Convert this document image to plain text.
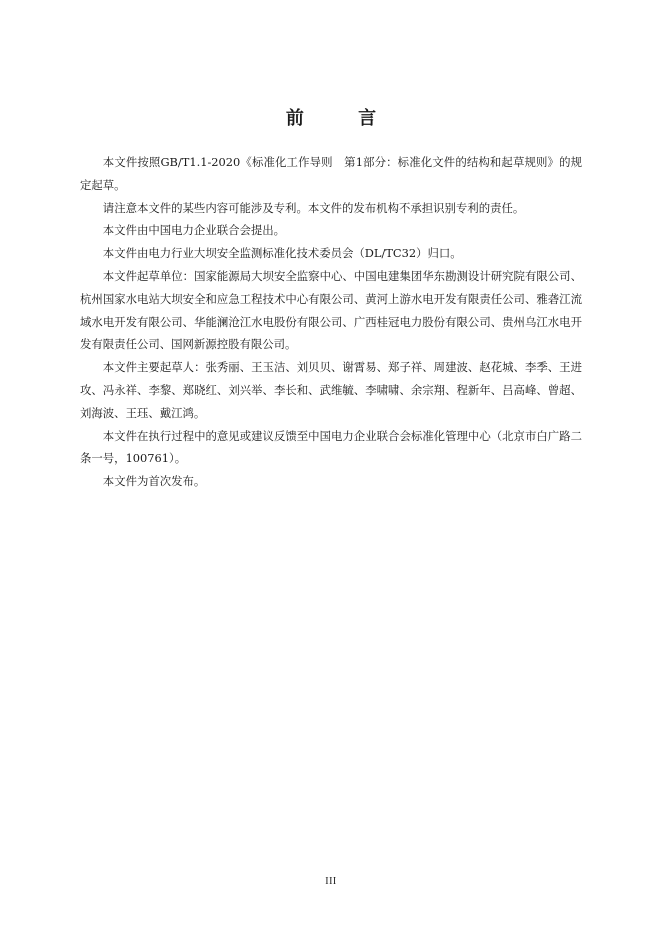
前 言

本文件按照GB/T1.1-2020《标准化工作导则　第1部分：标准化文件的结构和起草规则》的规定起草。

请注意本文件的某些内容可能涉及专利。本文件的发布机构不承担识别专利的责任。

本文件由中国电力企业联合会提出。

本文件由电力行业大坝安全监测标准化技术委员会（DL/TC32）归口。

本文件起草单位：国家能源局大坝安全监察中心、中国电建集团华东勘测设计研究院有限公司、杭州国家水电站大坝安全和应急工程技术中心有限公司、黄河上游水电开发有限责任公司、雅砻江流域水电开发有限公司、华能澜沧江水电股份有限公司、广西桂冠电力股份有限公司、贵州乌江水电开发有限责任公司、国网新源控股有限公司。

本文件主要起草人：张秀丽、王玉洁、刘贝贝、谢霄易、郑子祥、周建波、赵花城、李季、王进攻、冯永祥、李黎、郑晓红、刘兴举、李长和、武维毓、李啸啸、余宗翔、程新年、吕高峰、曾超、刘海波、王珏、戴江鸿。

本文件在执行过程中的意见或建议反馈至中国电力企业联合会标准化管理中心（北京市白广路二条一号，100761）。

本文件为首次发布。

III
